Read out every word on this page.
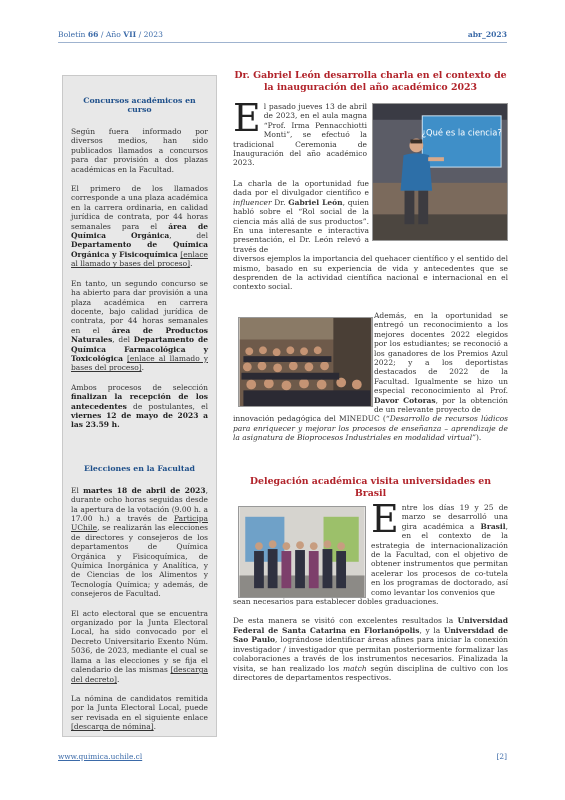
Boletín 66 / Año VII / 2023	abr_2023

Concursos académicos en curso

Según fuera informado por diversos medios, han sido publicados llamados a concursos para dar provisión a dos plazas académicas en la Facultad.

El primero de los llamados corresponde a una plaza académica en la carrera ordinaria, en calidad jurídica de contrata, por 44 horas semanales para el área de Química Orgánica, del Departamento de Química Orgánica y Fisicoquímica [enlace al llamado y bases del proceso].

En tanto, un segundo concurso se ha abierto para dar provisión a una plaza académica en carrera docente, bajo calidad jurídica de contrata, por 44 horas semanales en el área de Productos Naturales, del Departamento de Química Farmacológica y Toxicológica [enlace al llamado y bases del proceso].

Ambos procesos de selección finalizan la recepción de los antecedentes de postulantes, el viernes 12 de mayo de 2023 a las 23.59 h.

Elecciones en la Facultad

El martes 18 de abril de 2023, durante ocho horas seguidas desde la apertura de la votación (9.00 h. a 17.00 h.) a través de Participa UChile, se realizarán las elecciones de directores y consejeros de los departamentos de Química Orgánica y Fisicoquímica, de Química Inorgánica y Analítica, y de Ciencias de los Alimentos y Tecnología Química; y además, de consejeros de Facultad.

El acto electoral que se encuentra organizado por la Junta Electoral Local, ha sido convocado por el Decreto Universitario Exento Núm. 5036, de 2023, mediante el cual se llama a las elecciones y se fija el calendario de las mismas [descarga del decreto].

La nómina de candidatos remitida por la Junta Electoral Local, puede ser revisada en el siguiente enlace [descarga de nómina].

Dr. Gabriel León desarrolla charla en el contexto de la inauguración del año académico 2023

¿Qué es la ciencia?
E l pasado jueves 13 de abril de 2023, en el aula magna “Prof. Irma Pennacchiotti Monti”, se efectuó la tradicional Ceremonia de Inauguración del año académico 2023.

La charla de la oportunidad fue dada por el divulgador científico e influencer Dr. Gabriel León, quien habló sobre el “Rol social de la ciencia más allá de sus productos”. En una interesante e interactiva presentación, el Dr. León relevó a través de

diversos ejemplos la importancia del quehacer científico y el sentido del mismo, basado en su experiencia de vida y antecedentes que se desprenden de la actividad científica nacional e internacional en el contexto social.

Además, en la oportunidad se entregó un reconocimiento a los mejores docentes 2022 elegidos por los estudiantes; se reconoció a los ganadores de los Premios Azul 2022; y a los deportistas destacados de 2022 de la Facultad. Igualmente se hizo un especial reconocimiento al Prof. Davor Cotoras, por la obtención de un relevante proyecto de

innovación pedagógica del MINEDUC (“Desarrollo de recursos lúdicos para enriquecer y mejorar los procesos de enseñanza – aprendizaje de la asignatura de Bioprocesos Industriales en modalidad virtual”).

Delegación académica visita universidades en Brasil

E ntre los días 19 y 25 de marzo se desarrolló una gira académica a Brasil, en el contexto de la estrategia de internacionalización de la Facultad, con el objetivo de obtener instrumentos que permitan acelerar los procesos de co-tutela en los programas de doctorado, así como levantar los convenios que

sean necesarios para establecer dobles graduaciones.

De esta manera se visitó con excelentes resultados la Universidad Federal de Santa Catarina en Florianópolis, y la Universidad de Sao Paulo, lográndose identificar áreas afines para iniciar la conexión investigador / investigador que permitan posteriormente formalizar las colaboraciones a través de los instrumentos necesarios. Finalizada la visita, se han realizado los match según disciplina de cultivo con los directores de departamentos respectivos.

www.quimica.uchile.cl	[2]
